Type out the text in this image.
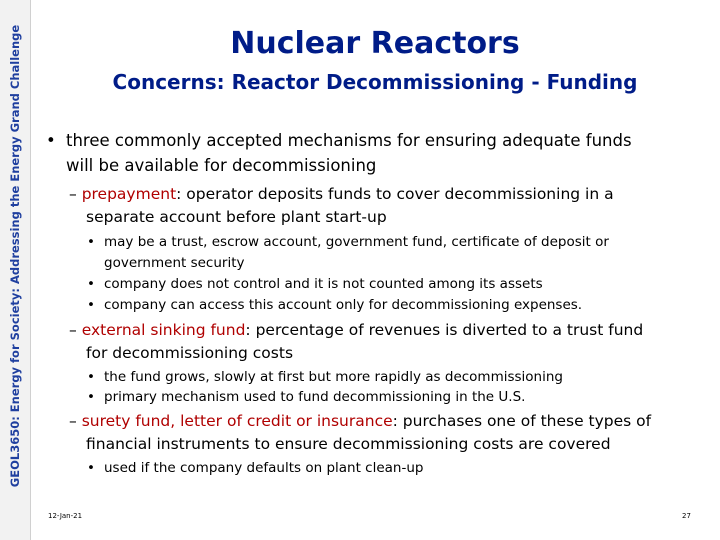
GEOL3650: Energy for Society: Addressing the Energy Grand Challenge	Nuclear Reactors
Concerns: Reactor Decommissioning - Funding
• three commonly accepted mechanisms for ensuring adequate funds
will be available for decommissioning
– prepayment: operator deposits funds to cover decommissioning in a
separate account before plant start-up
• may be a trust, escrow account, government fund, certificate of deposit or
government security
• company does not control and it is not counted among its assets
• company can access this account only for decommissioning expenses.
– external sinking fund: percentage of revenues is diverted to a trust fund
for decommissioning costs
• the fund grows, slowly at first but more rapidly as decommissioning
• primary mechanism used to fund decommissioning in the U.S.
– surety fund, letter of credit or insurance: purchases one of these types of
financial instruments to ensure decommissioning costs are covered
• used if the company defaults on plant clean-up
12-Jan-21	27
